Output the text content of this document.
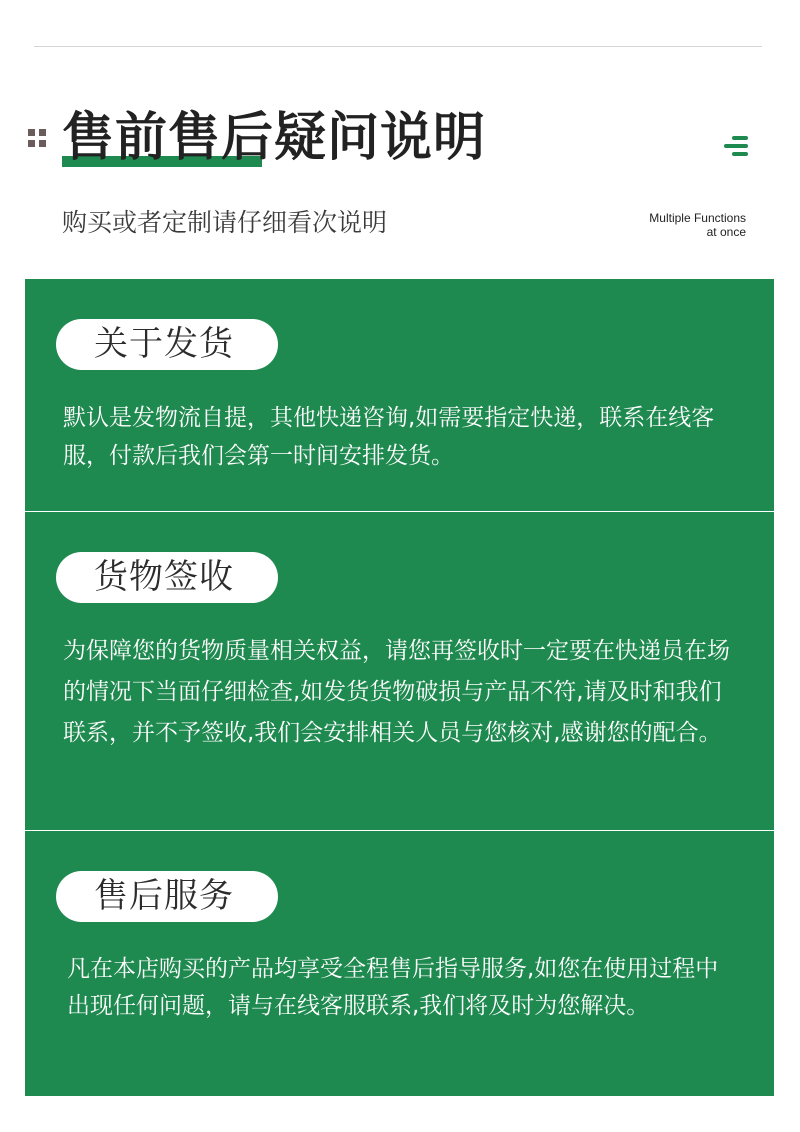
售前售后疑问说明
购买或者定制请仔细看次说明	Multiple Functions
at once
关于发货

默认是发物流自提，其他快递咨询,如需要指定快递，联系在线客服，付款后我们会第一时间安排发货。

货物签收

为保障您的货物质量相关权益，请您再签收时一定要在快递员在场的情况下当面仔细检查,如发货货物破损与产品不符,请及时和我们联系，并不予签收,我们会安排相关人员与您核对,感谢您的配合。

售后服务

凡在本店购买的产品均享受全程售后指导服务,如您在使用过程中出现任何问题，请与在线客服联系,我们将及时为您解决。
